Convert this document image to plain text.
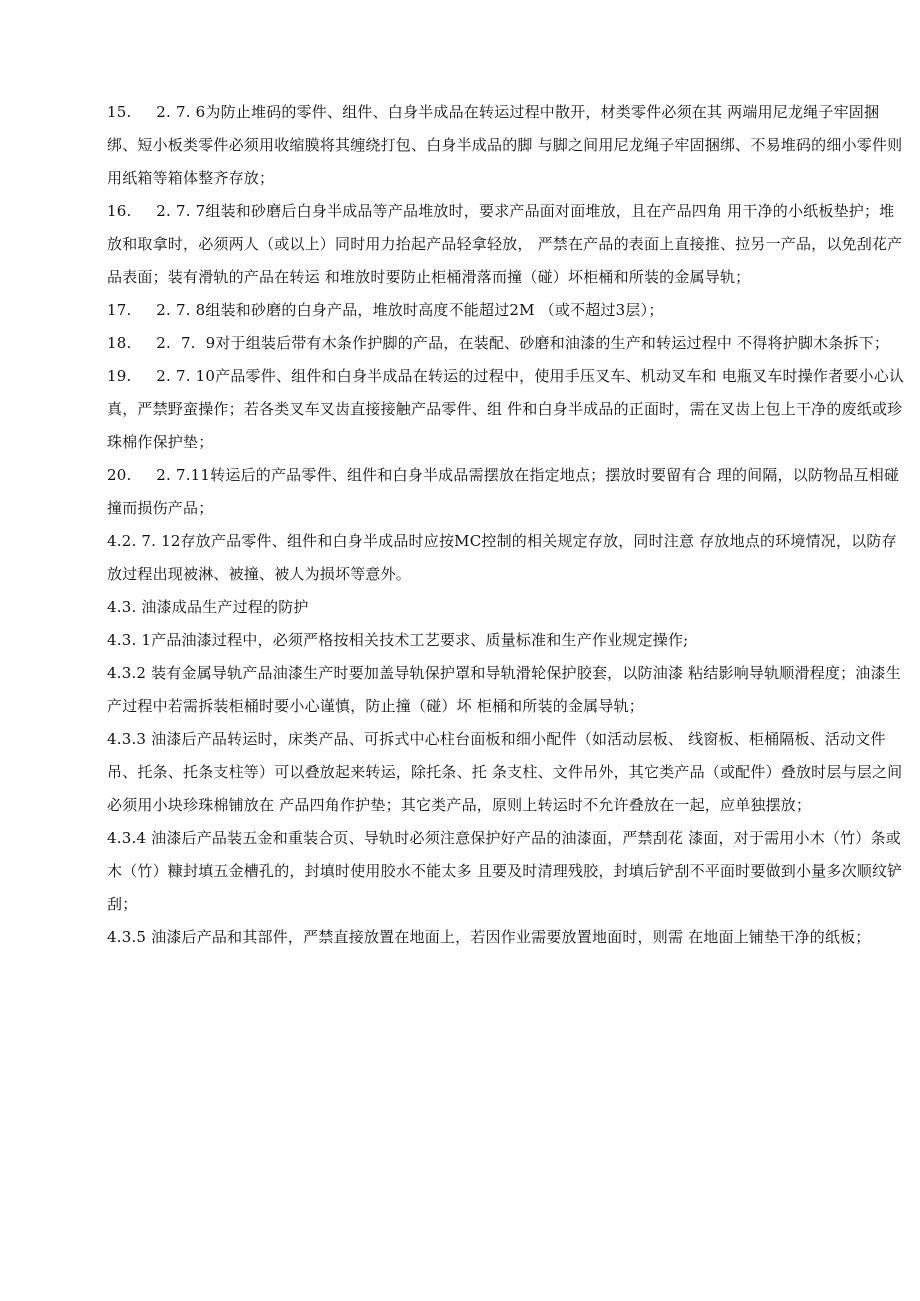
15.     2. 7. 6为防止堆码的零件、组件、白身半成品在转运过程中散开，材类零件必须在其 两端用尼龙绳子牢固捆绑、短小板类零件必须用收缩膜将其缠绕打包、白身半成品的脚 与脚之间用尼龙绳子牢固捆绑、不易堆码的细小零件则用纸箱等箱体整齐存放；

16.     2. 7. 7组装和砂磨后白身半成品等产品堆放时，要求产品面对面堆放，且在产品四角 用干净的小纸板垫护；堆放和取拿时，必须两人（或以上）同时用力抬起产品轻拿轻放， 严禁在产品的表面上直接推、拉另一产品，以免刮花产品表面；装有滑轨的产品在转运 和堆放时要防止柜桶滑落而撞（碰）坏柜桶和所装的金属导轨；

17.     2. 7. 8组装和砂磨的白身产品，堆放时高度不能超过2M （或不超过3层）；

18.     2.  7.  9对于组装后带有木条作护脚的产品，在装配、砂磨和油漆的生产和转运过程中 不得将护脚木条拆下；

19.     2. 7. 10产品零件、组件和白身半成品在转运的过程中，使用手压叉车、机动叉车和 电瓶叉车时操作者要小心认真，严禁野蛮操作；若各类叉车叉齿直接接触产品零件、组 件和白身半成品的正面时，需在叉齿上包上干净的废纸或珍珠棉作保护垫；

20.     2. 7.11转运后的产品零件、组件和白身半成品需摆放在指定地点；摆放时要留有合 理的间隔，以防物品互相碰撞而损伤产品；

4.2. 7. 12存放产品零件、组件和白身半成品时应按MC控制的相关规定存放，同时注意 存放地点的环境情况，以防存放过程出现被淋、被撞、被人为损坏等意外。

4.3. 油漆成品生产过程的防护

4.3. 1产品油漆过程中，必须严格按相关技术工艺要求、质量标准和生产作业规定操作;

4.3.2 装有金属导轨产品油漆生产时要加盖导轨保护罩和导轨滑轮保护胶套，以防油漆 粘结影响导轨顺滑程度；油漆生产过程中若需拆装柜桶时要小心谨慎，防止撞（碰）坏 柜桶和所装的金属导轨；

4.3.3 油漆后产品转运时，床类产品、可拆式中心柱台面板和细小配件（如活动层板、 线窗板、柜桶隔板、活动文件吊、托条、托条支柱等）可以叠放起来转运，除托条、托 条支柱、文件吊外，其它类产品（或配件）叠放时层与层之间必须用小块珍珠棉铺放在 产品四角作护垫；其它类产品，原则上转运时不允许叠放在一起，应单独摆放；

4.3.4 油漆后产品装五金和重装合页、导轨时必须注意保护好产品的油漆面，严禁刮花 漆面，对于需用小木（竹）条或木（竹）糠封填五金槽孔的，封填时使用胶水不能太多 且要及时清理残胶，封填后铲刮不平面时要做到小量多次顺纹铲刮；

4.3.5 油漆后产品和其部件，严禁直接放置在地面上，若因作业需要放置地面时，则需 在地面上铺垫干净的纸板；
